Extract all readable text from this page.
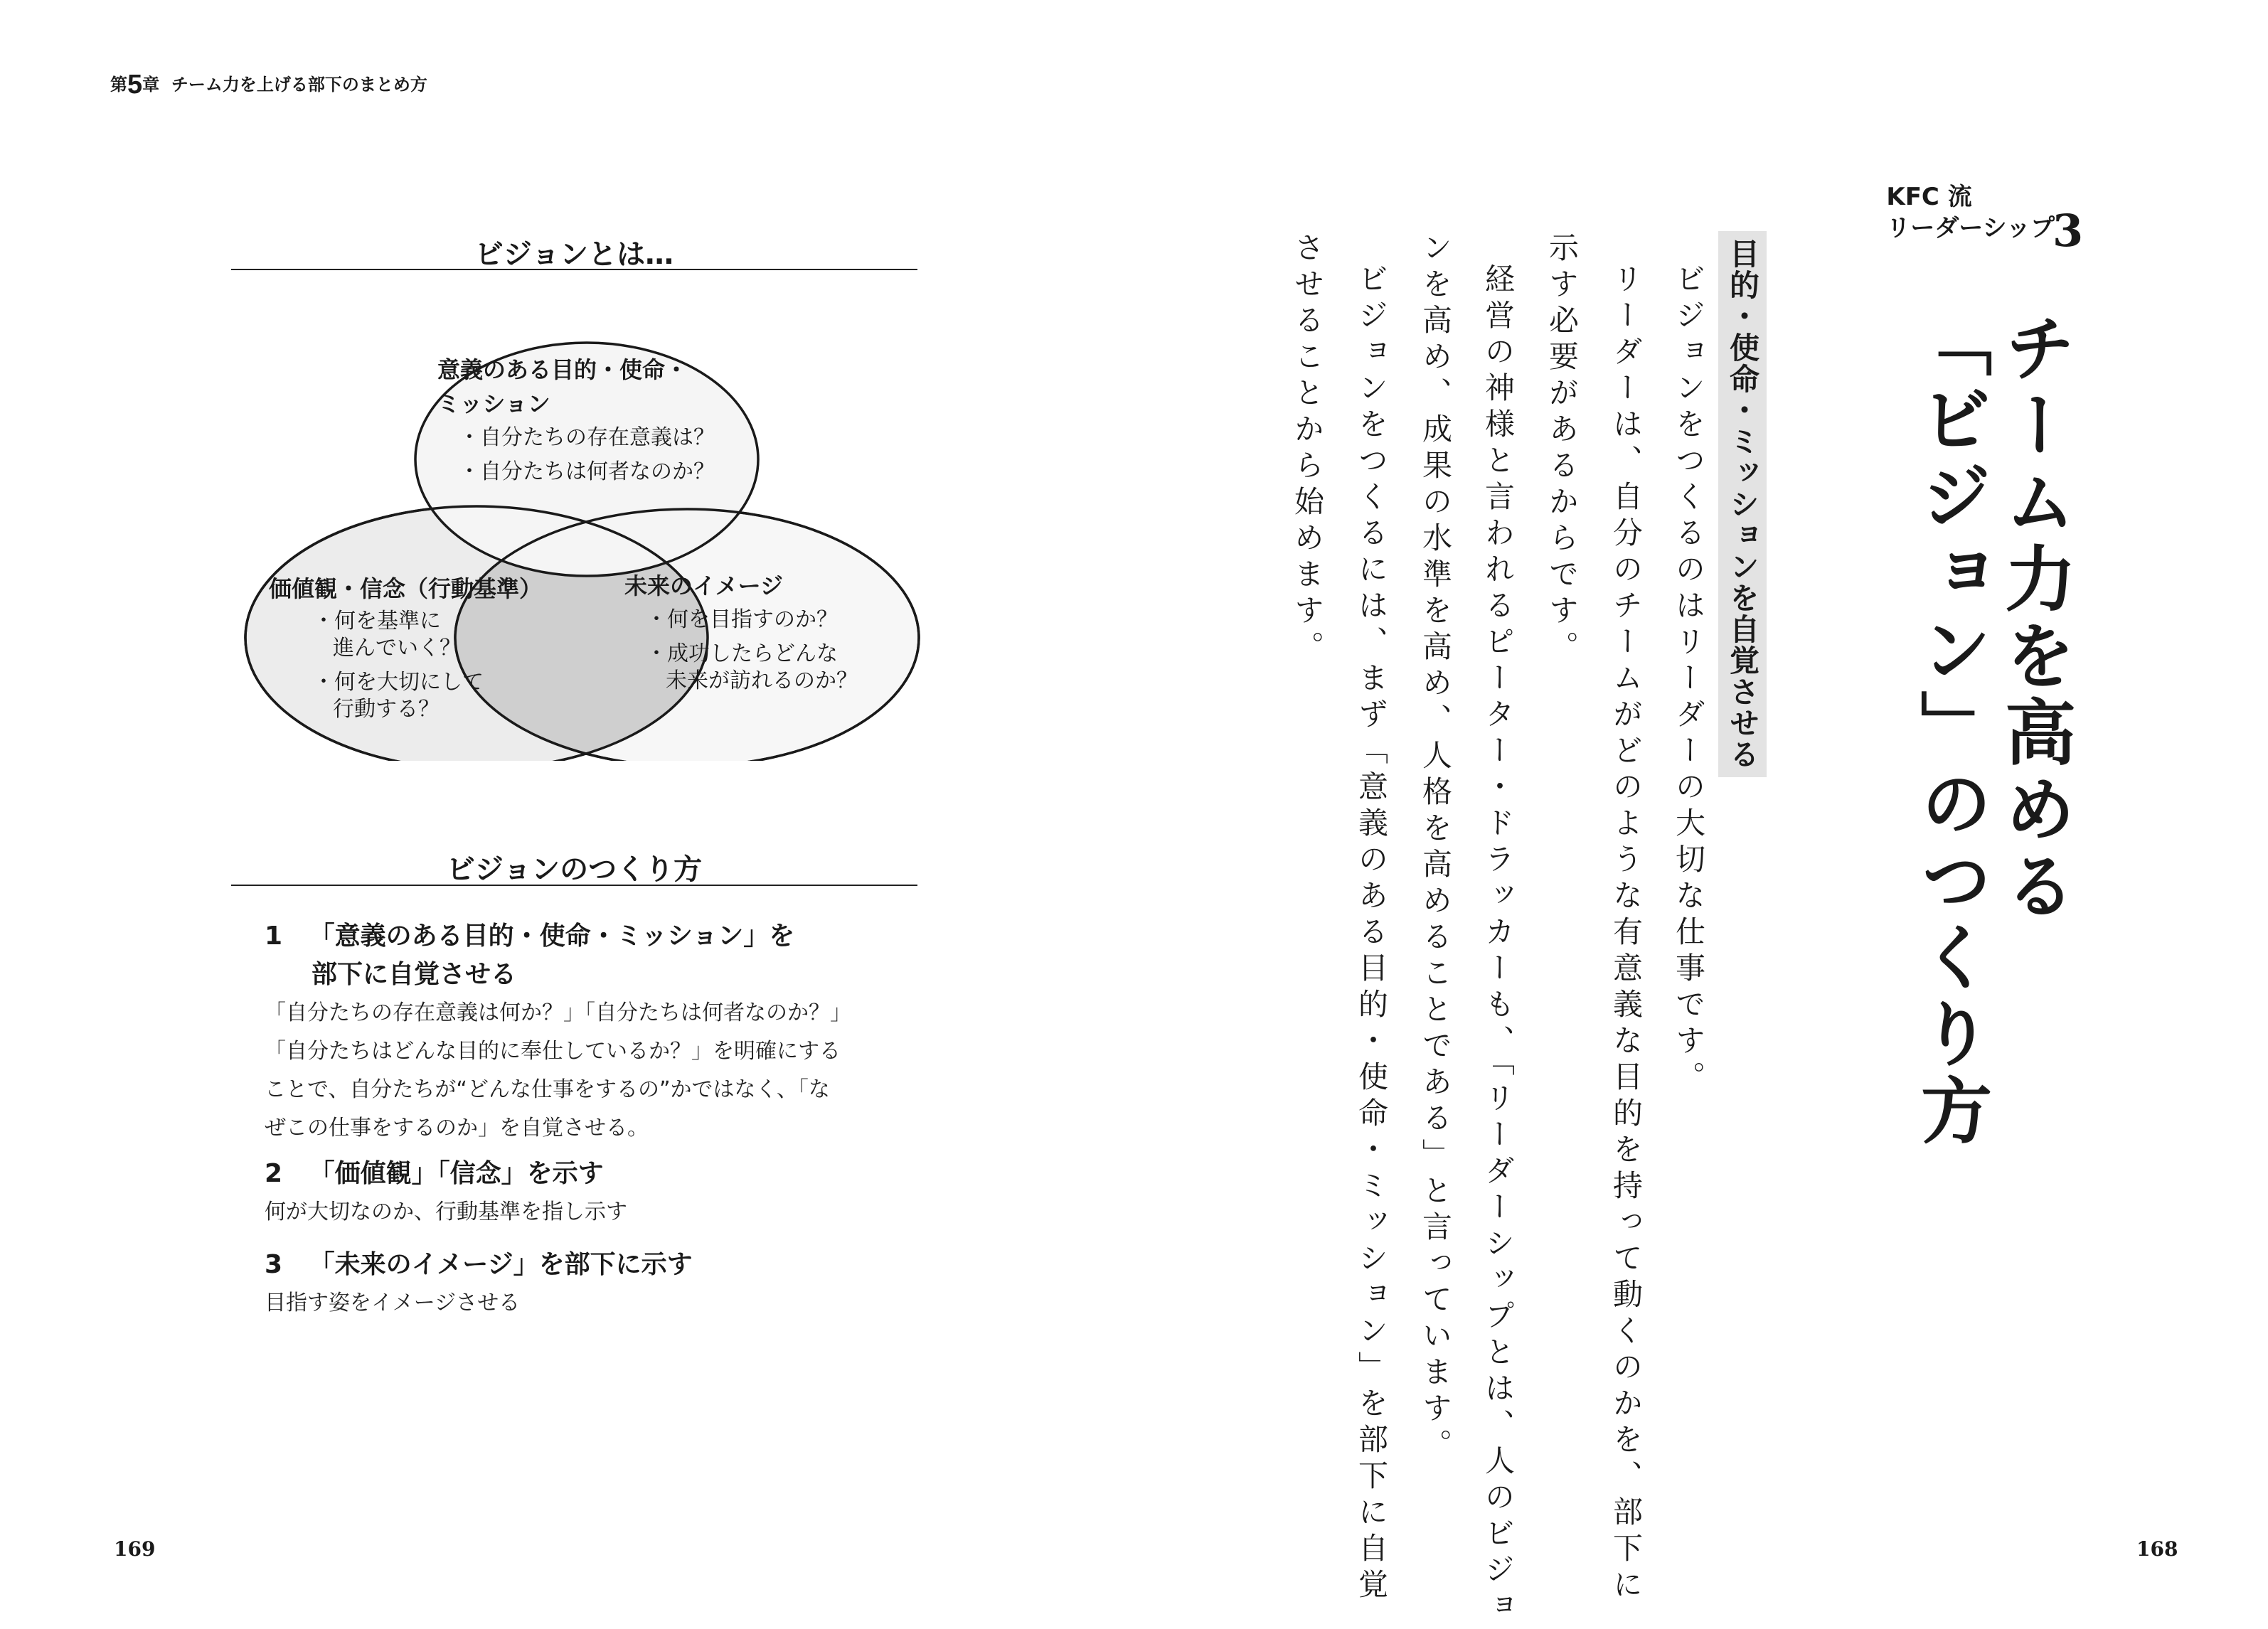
第5章 チーム力を上げる部下のまとめ方
ビジョンとは…
意義のある目的・使命・
ミッション
・自分たちの存在意義は？
・自分たちは何者なのか？
価値観・信念（行動基準）
・何を基準に
進んでいく？
・何を大切にして
行動する？
未来のイメージ
・何を目指すのか？
・成功したらどんな
未来が訪れるのか？
ビジョンのつくり方
1 「意義のある目的・使命・ミッション」を
部下に自覚させる
「自分たちの存在意義は何か？」「自分たちは何者なのか？」
「自分たちはどんな目的に奉仕しているか？」を明確にする
ことで、自分たちが“どんな仕事をするの”かではなく、「な
ぜこの仕事をするのか」を自覚させる。
2 「価値観」「信念」を示す
何が大切なのか、行動基準を指し示す
3 「未来のイメージ」を部下に示す
目指す姿をイメージさせる
169
KFC 流
リーダーシップ
3
チーム力を高める
「ビジョン」のつくり方
目的・使命・ミッションを自覚させる
ビジョンをつくるのはリーダーの大切な仕事です。
リーダーは、自分のチームがどのような有意義な目的を持って動くのかを、部下に
示す必要があるからです。
経営の神様と言われるピーター・ドラッカーも、「リーダーシップとは、人のビジョ
ンを高め、成果の水準を高め、人格を高めることである」と言っています。
ビジョンをつくるには、まず「意義のある目的・使命・ミッション」を部下に自覚
させることから始めます。
168
